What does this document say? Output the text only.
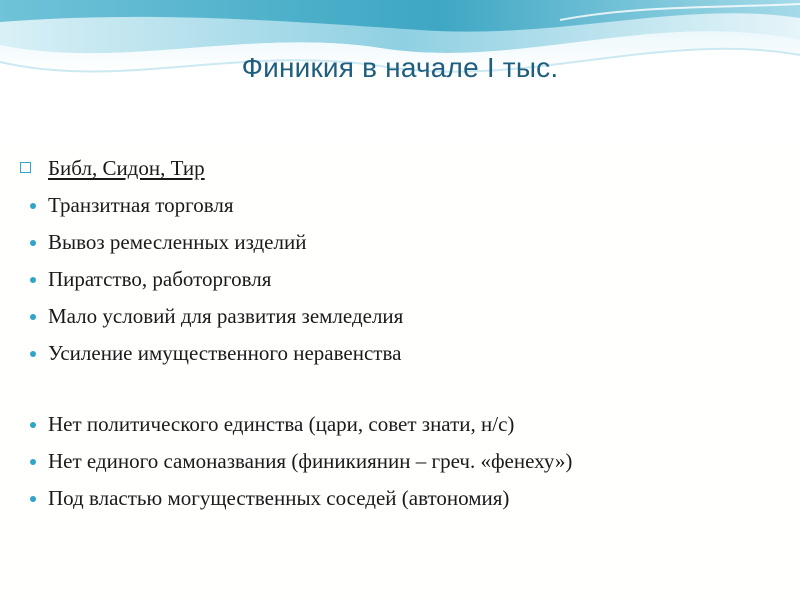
Финикия в начале I тыс.
Библ, Сидон, Тир
Транзитная торговля
Вывоз ремесленных изделий
Пиратство, работорговля
Мало условий для развития земледелия
Усиление имущественного неравенства
Нет политического единства (цари, совет знати, н/с)
Нет единого самоназвания (финикиянин – греч. «фенеху»)
Под властью могущественных соседей (автономия)
